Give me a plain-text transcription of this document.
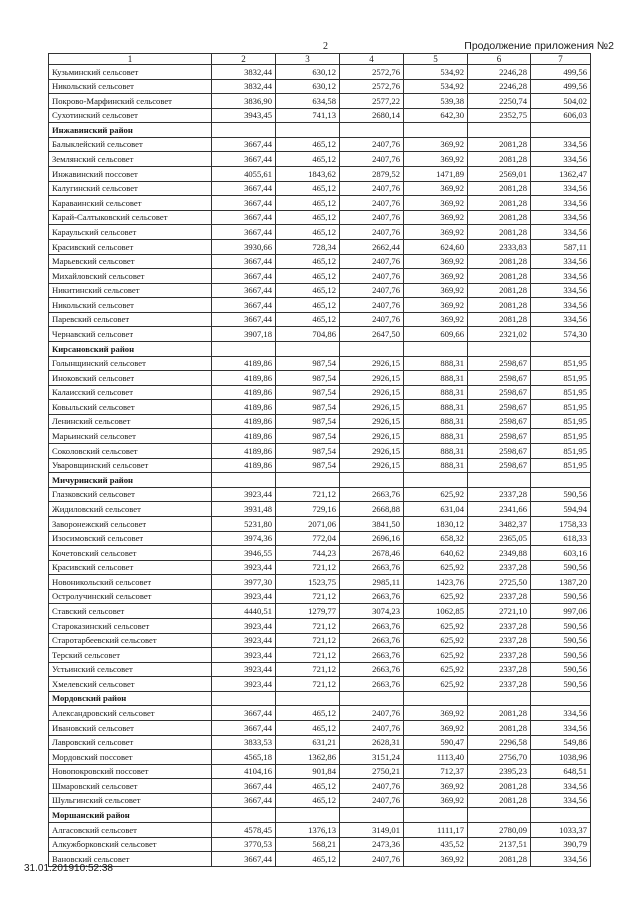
2	Продолжение приложения №2
1	2	3	4	5	6	7
Кузьминский сельсовет	3832,44	630,12	2572,76	534,92	2246,28	499,56
Никольский сельсовет	3832,44	630,12	2572,76	534,92	2246,28	499,56
Покрово-Марфинский сельсовет	3836,90	634,58	2577,22	539,38	2250,74	504,02
Сухотинский сельсовет	3943,45	741,13	2680,14	642,30	2352,75	606,03
Инжавинский район						
Балыклейский сельсовет	3667,44	465,12	2407,76	369,92	2081,28	334,56
Землянский сельсовет	3667,44	465,12	2407,76	369,92	2081,28	334,56
Инжавинский поссовет	4055,61	1843,62	2879,52	1471,89	2569,01	1362,47
Калугинский сельсовет	3667,44	465,12	2407,76	369,92	2081,28	334,56
Караваинский сельсовет	3667,44	465,12	2407,76	369,92	2081,28	334,56
Карай-Салтыковский сельсовет	3667,44	465,12	2407,76	369,92	2081,28	334,56
Караульский сельсовет	3667,44	465,12	2407,76	369,92	2081,28	334,56
Красивский сельсовет	3930,66	728,34	2662,44	624,60	2333,83	587,11
Марьевский сельсовет	3667,44	465,12	2407,76	369,92	2081,28	334,56
Михайловский сельсовет	3667,44	465,12	2407,76	369,92	2081,28	334,56
Никитинский сельсовет	3667,44	465,12	2407,76	369,92	2081,28	334,56
Никольский сельсовет	3667,44	465,12	2407,76	369,92	2081,28	334,56
Паревский сельсовет	3667,44	465,12	2407,76	369,92	2081,28	334,56
Чернавский сельсовет	3907,18	704,86	2647,50	609,66	2321,02	574,30
Кирсановский район						
Голынщинский сельсовет	4189,86	987,54	2926,15	888,31	2598,67	851,95
Иноковский сельсовет	4189,86	987,54	2926,15	888,31	2598,67	851,95
Калаисский сельсовет	4189,86	987,54	2926,15	888,31	2598,67	851,95
Ковыльский сельсовет	4189,86	987,54	2926,15	888,31	2598,67	851,95
Ленинский сельсовет	4189,86	987,54	2926,15	888,31	2598,67	851,95
Марьинский сельсовет	4189,86	987,54	2926,15	888,31	2598,67	851,95
Соколовский сельсовет	4189,86	987,54	2926,15	888,31	2598,67	851,95
Уваровщинский сельсовет	4189,86	987,54	2926,15	888,31	2598,67	851,95
Мичуринский район						
Глазковский сельсовет	3923,44	721,12	2663,76	625,92	2337,28	590,56
Жидиловский сельсовет	3931,48	729,16	2668,88	631,04	2341,66	594,94
Заворонежский сельсовет	5231,80	2071,06	3841,50	1830,12	3482,37	1758,33
Изосимовский сельсовет	3974,36	772,04	2696,16	658,32	2365,05	618,33
Кочетовский сельсовет	3946,55	744,23	2678,46	640,62	2349,88	603,16
Красивский сельсовет	3923,44	721,12	2663,76	625,92	2337,28	590,56
Новоникольский сельсовет	3977,30	1523,75	2985,11	1423,76	2725,50	1387,20
Остролучинский сельсовет	3923,44	721,12	2663,76	625,92	2337,28	590,56
Ставский сельсовет	4440,51	1279,77	3074,23	1062,85	2721,10	997,06
Староказинский сельсовет	3923,44	721,12	2663,76	625,92	2337,28	590,56
Старотарбеевский сельсовет	3923,44	721,12	2663,76	625,92	2337,28	590,56
Терский сельсовет	3923,44	721,12	2663,76	625,92	2337,28	590,56
Устьинский сельсовет	3923,44	721,12	2663,76	625,92	2337,28	590,56
Хмелевский сельсовет	3923,44	721,12	2663,76	625,92	2337,28	590,56
Мордовский район						
Александровский сельсовет	3667,44	465,12	2407,76	369,92	2081,28	334,56
Ивановский сельсовет	3667,44	465,12	2407,76	369,92	2081,28	334,56
Лавровский сельсовет	3833,53	631,21	2628,31	590,47	2296,58	549,86
Мордовский поссовет	4565,18	1362,86	3151,24	1113,40	2756,70	1038,96
Новопокровский поссовет	4104,16	901,84	2750,21	712,37	2395,23	648,51
Шмаровский сельсовет	3667,44	465,12	2407,76	369,92	2081,28	334,56
Шульгинский сельсовет	3667,44	465,12	2407,76	369,92	2081,28	334,56
Моршанский район						
Алгасовский сельсовет	4578,45	1376,13	3149,01	1111,17	2780,09	1033,37
Алкужборковский сельсовет	3770,53	568,21	2473,36	435,52	2137,51	390,79
Вановский сельсовет	3667,44	465,12	2407,76	369,92	2081,28	334,56
31.01.201910:52:38
